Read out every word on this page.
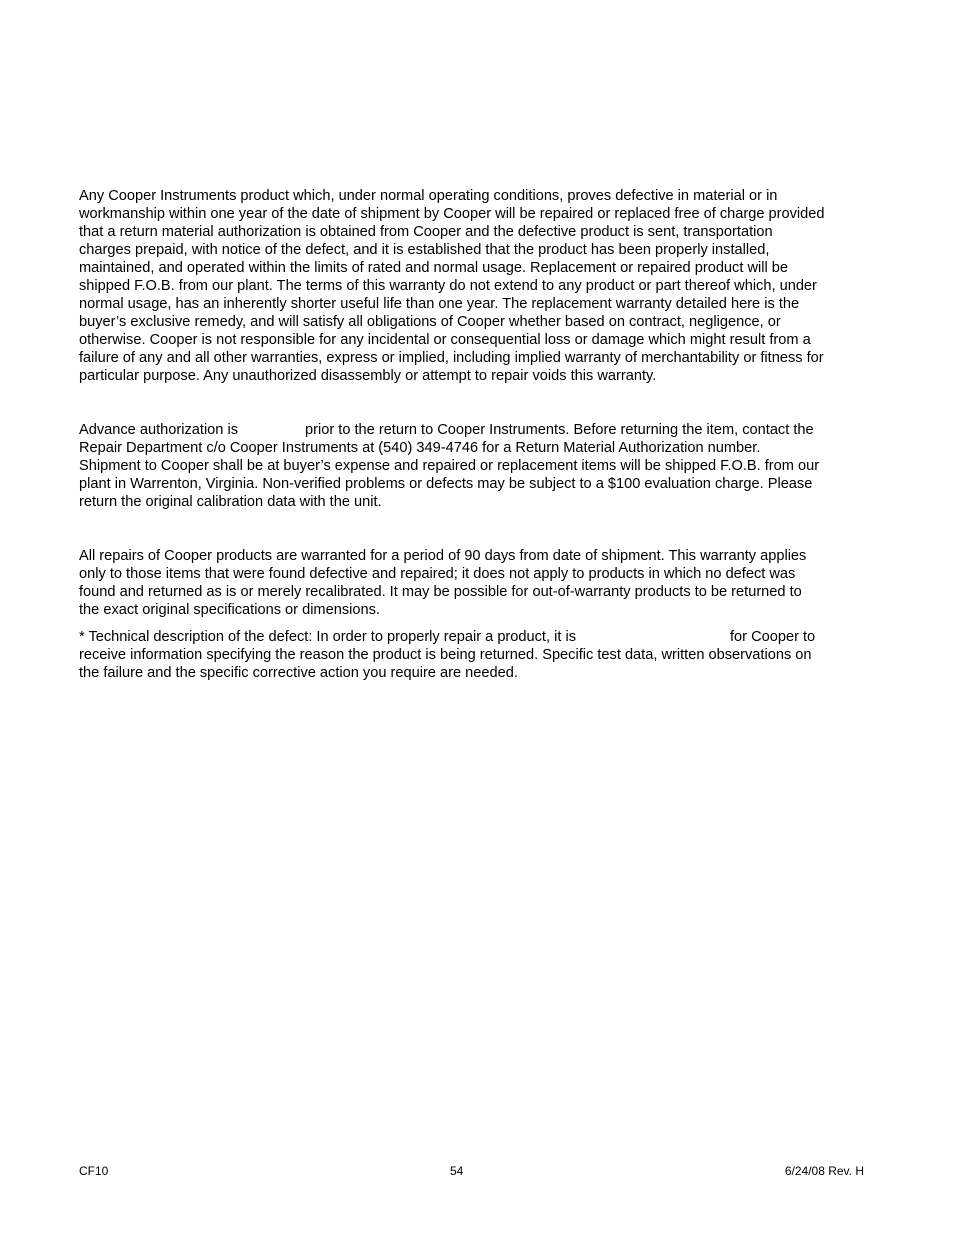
Any Cooper Instruments product which, under normal operating conditions, proves defective in material or in
workmanship within one year of the date of shipment by Cooper will be repaired or replaced free of charge provided
that a return material authorization is obtained from Cooper and the defective product is sent, transportation
charges prepaid, with notice of the defect, and it is established that the product has been properly installed,
maintained, and operated within the limits of rated and normal usage. Replacement or repaired product will be
shipped F.O.B. from our plant. The terms of this warranty do not extend to any product or part thereof which, under
normal usage, has an inherently shorter useful life than one year. The replacement warranty detailed here is the
buyer’s exclusive remedy, and will satisfy all obligations of Cooper whether based on contract, negligence, or
otherwise. Cooper is not responsible for any incidental or consequential loss or damage which might result from a
failure of any and all other warranties, express or implied, including implied warranty of merchantability or fitness for
particular purpose. Any unauthorized disassembly or attempt to repair voids this warranty.
Advance authorization is	prior to the return to Cooper Instruments. Before returning the item, contact the
Repair Department c/o Cooper Instruments at (540) 349-4746 for a Return Material Authorization number.
Shipment to Cooper shall be at buyer’s expense and repaired or replacement items will be shipped F.O.B. from our
plant in Warrenton, Virginia. Non-verified problems or defects may be subject to a $100 evaluation charge. Please
return the original calibration data with the unit.
All repairs of Cooper products are warranted for a period of 90 days from date of shipment. This warranty applies
only to those items that were found defective and repaired; it does not apply to products in which no defect was
found and returned as is or merely recalibrated. It may be possible for out-of-warranty products to be returned to
the exact original specifications or dimensions.
* Technical description of the defect: In order to properly repair a product, it is	for Cooper to
receive information specifying the reason the product is being returned. Specific test data, written observations on
the failure and the specific corrective action you require are needed.
CF10	54	6/24/08 Rev. H
